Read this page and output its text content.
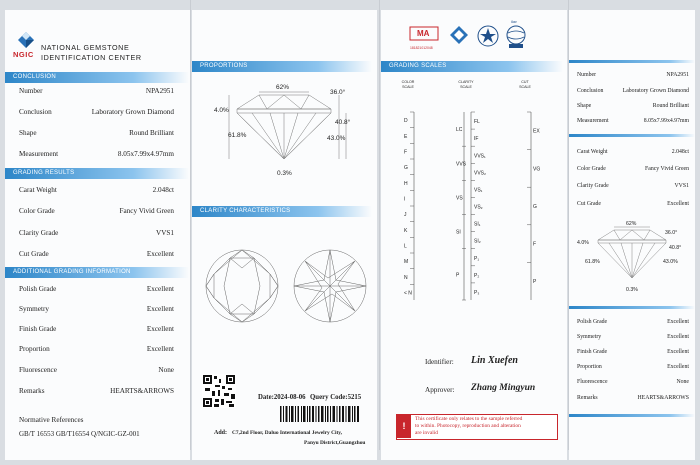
NGIC
NATIONAL GEMSTONE
IDENTIFICATION CENTER
CONCLUSION
Number	NPA2951
Conclusion	Laboratory Grown Diamond
Shape	Round Brilliant
Measurement	8.05x7.99x4.97mm
GRADING RESULTS
Carat Weight	2.048ct
Color Grade	Fancy Vivid Green
Clarity Grade	VVS1
Cut Grade	Excellent
ADDITIONAL GRADING INFORMATION
Polish Grade	Excellent
Symmetry	Excellent
Finish Grade	Excellent
Proportion	Excellent
Fluorescence	None
Remarks	HEARTS&ARROWS
Normative References
GB/T 16553 GB/T16554 Q/NGIC-GZ-001
PROPORTIONS
62%
36.0°
4.0%
40.8°
61.8%	43.0%
0.3%
CLARITY CHARACTERISTICS
Date:2024-08-06 Query Code:5215
Add: C7,2nd Floor, Daluo International Jewelry City,
Panyu District,Guangzhou
MA
181821012048
ilac
GRADING SCALES
COLOR SCALE
CLARITY SCALE
CUT SCALE
D
E
F
G
H
I
J
K
L
M
N
< N
FL
IF
VVS₁
VVS₂
VS₁
VS₂
SI₁
SI₂
P₁
P₂
P₃
LC
VVS
VS
SI
P
EX
VG
G
F
P
Identifier: Lin Xuefen
Approver: Zhang Mingyun
!
This certificate only relates to the sample referred
to within. Photocopy, reproduction and alteration
are invalid
Number	NPA2951
Conclusion	Laboratory Grown Diamond
Shape	Round Brilliant
Measurement	8.05x7.99x4.97mm
Carat Weight	2.048ct
Color Grade	Fancy Vivid Green
Clarity Grade	VVS1
Cut Grade	Excellent
62%
36.0°
4.0%
40.8°
61.8%	43.0%
0.3%
Polish Grade	Excellent
Symmetry	Excellent
Finish Grade	Excellent
Proportion	Excellent
Fluorescence	None
Remarks	HEARTS&ARROWS
